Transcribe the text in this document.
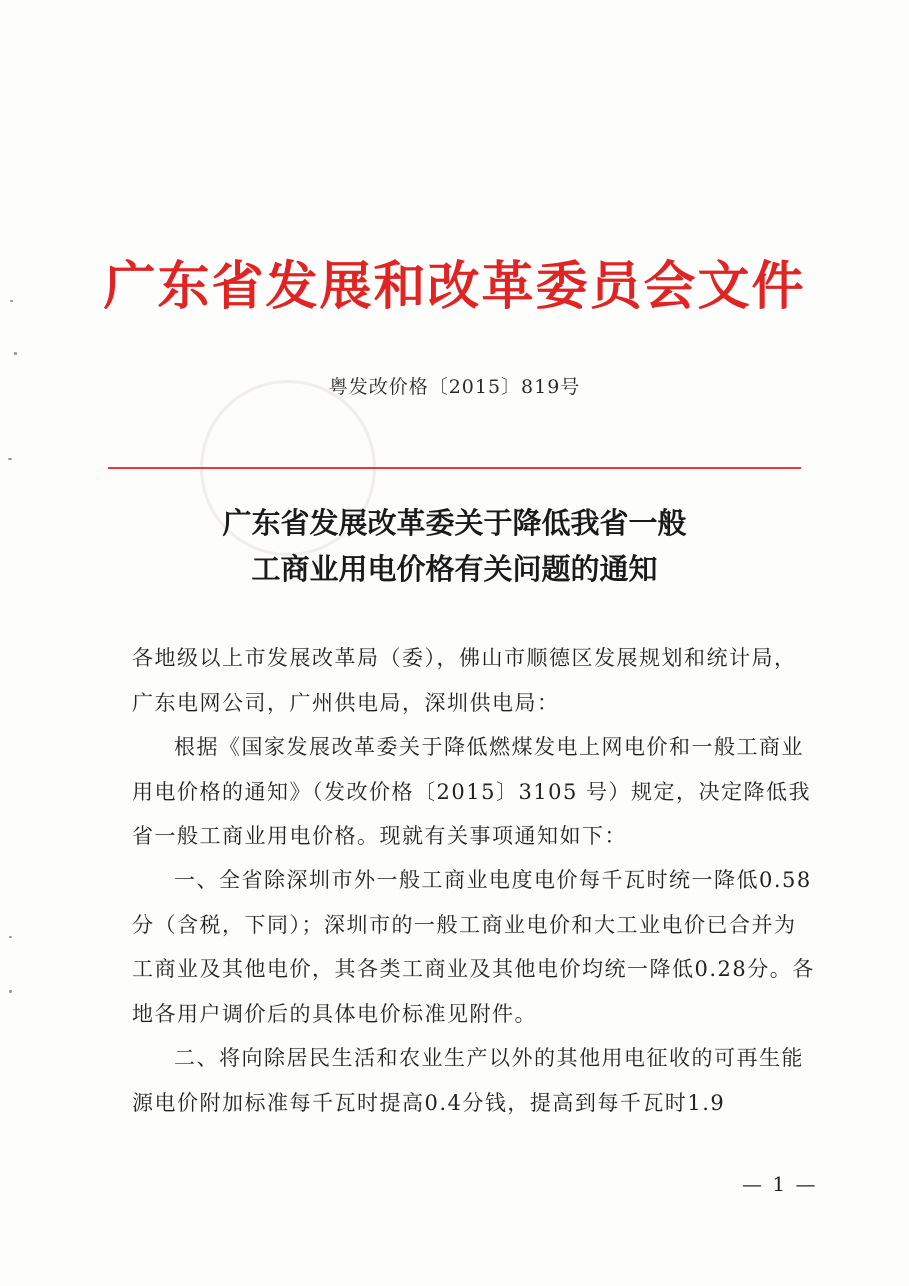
广东省发展和改革委员会文件
粤发改价格〔2015〕819号
广东省发展改革委关于降低我省一般
工商业用电价格有关问题的通知
各地级以上市发展改革局（委），佛山市顺德区发展规划和统计局，广东电网公司，广州供电局，深圳供电局：
根据《国家发展改革委关于降低燃煤发电上网电价和一般工商业用电价格的通知》（发改价格〔2015〕3105 号）规定，决定降低我省一般工商业用电价格。现就有关事项通知如下：
一、全省除深圳市外一般工商业电度电价每千瓦时统一降低0.58分（含税，下同）；深圳市的一般工商业电价和大工业电价已合并为工商业及其他电价，其各类工商业及其他电价均统一降低0.28分。各地各用户调价后的具体电价标准见附件。
二、将向除居民生活和农业生产以外的其他用电征收的可再生能源电价附加标准每千瓦时提高0.4分钱，提高到每千瓦时1.9
— 1 —
